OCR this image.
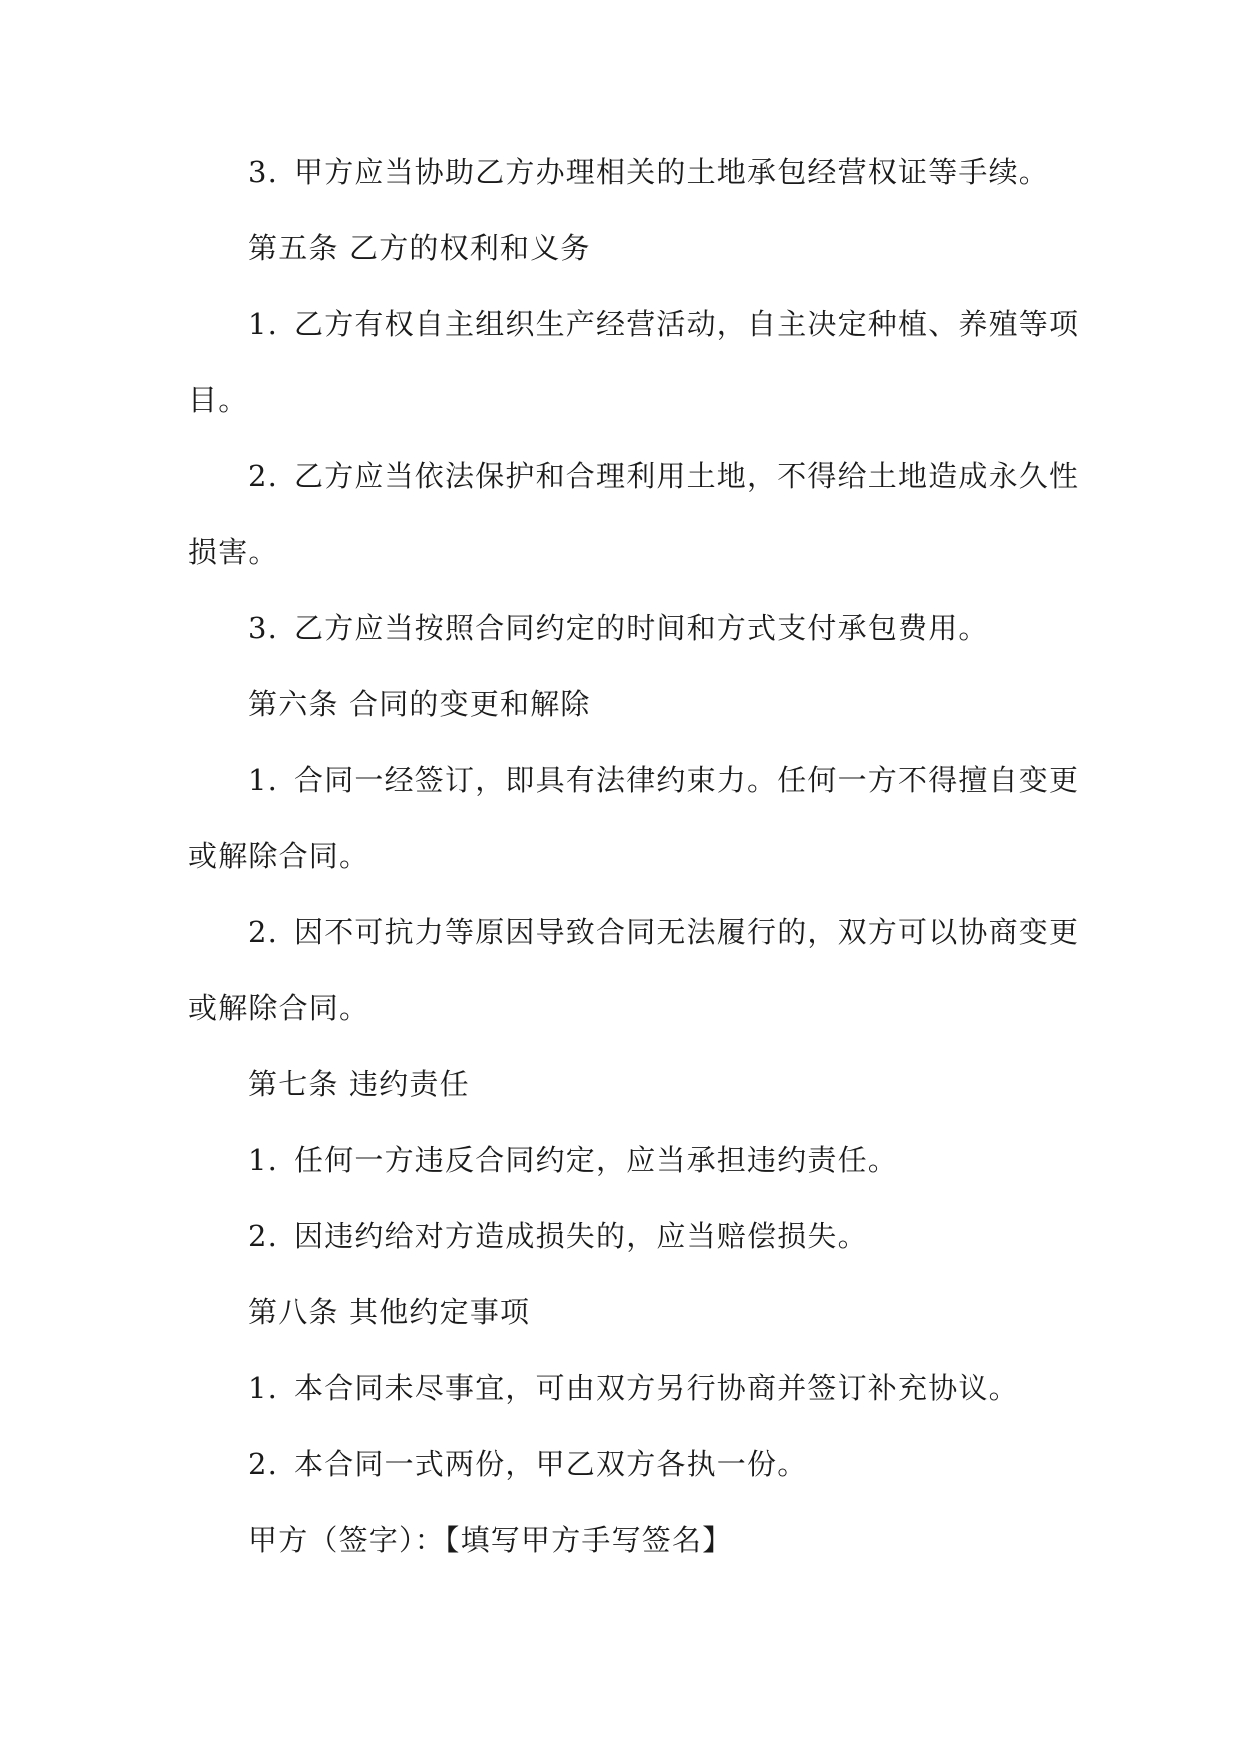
3. 甲方应当协助乙方办理相关的土地承包经营权证等手续。
第五条 乙方的权利和义务
1. 乙方有权自主组织生产经营活动，自主决定种植、养殖等项
目。
2. 乙方应当依法保护和合理利用土地，不得给土地造成永久性
损害。
3. 乙方应当按照合同约定的时间和方式支付承包费用。
第六条 合同的变更和解除
1. 合同一经签订，即具有法律约束力。任何一方不得擅自变更
或解除合同。
2. 因不可抗力等原因导致合同无法履行的，双方可以协商变更
或解除合同。
第七条 违约责任
1. 任何一方违反合同约定，应当承担违约责任。
2. 因违约给对方造成损失的，应当赔偿损失。
第八条 其他约定事项
1. 本合同未尽事宜，可由双方另行协商并签订补充协议。
2. 本合同一式两份，甲乙双方各执一份。
甲方（签字）：【填写甲方手写签名】
